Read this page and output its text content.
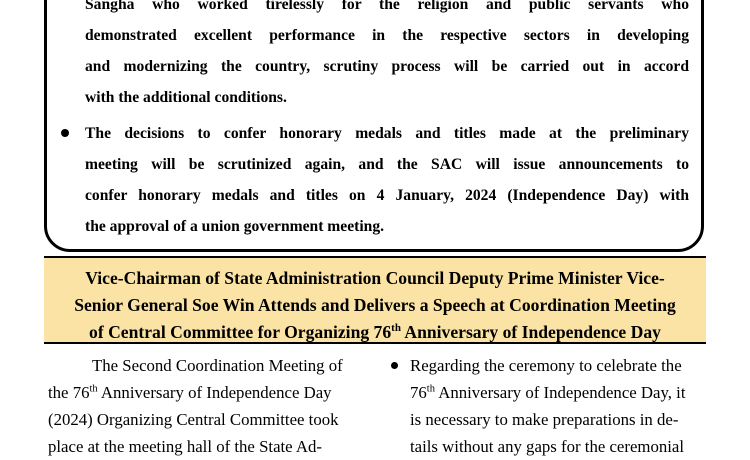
Sangha who worked tirelessly for the religion and public servants who
demonstrated excellent performance in the respective sectors in developing
and modernizing the country, scrutiny process will be carried out in accord
with the additional conditions.
The decisions to confer honorary medals and titles made at the preliminary
meeting will be scrutinized again, and the SAC will issue announcements to
confer honorary medals and titles on 4 January, 2024 (Independence Day) with
the approval of a union government meeting.
Vice-Chairman of State Administration Council Deputy Prime Minister Vice-
Senior General Soe Win Attends and Delivers a Speech at Coordination Meeting
of Central Committee for Organizing 76th Anniversary of Independence Day
The Second Coordination Meeting of
the 76th Anniversary of Independence Day
(2024) Organizing Central Committee took
place at the meeting hall of the State Ad-
Regarding the ceremony to celebrate the
76th Anniversary of Independence Day, it
is necessary to make preparations in de-
tails without any gaps for the ceremonial
